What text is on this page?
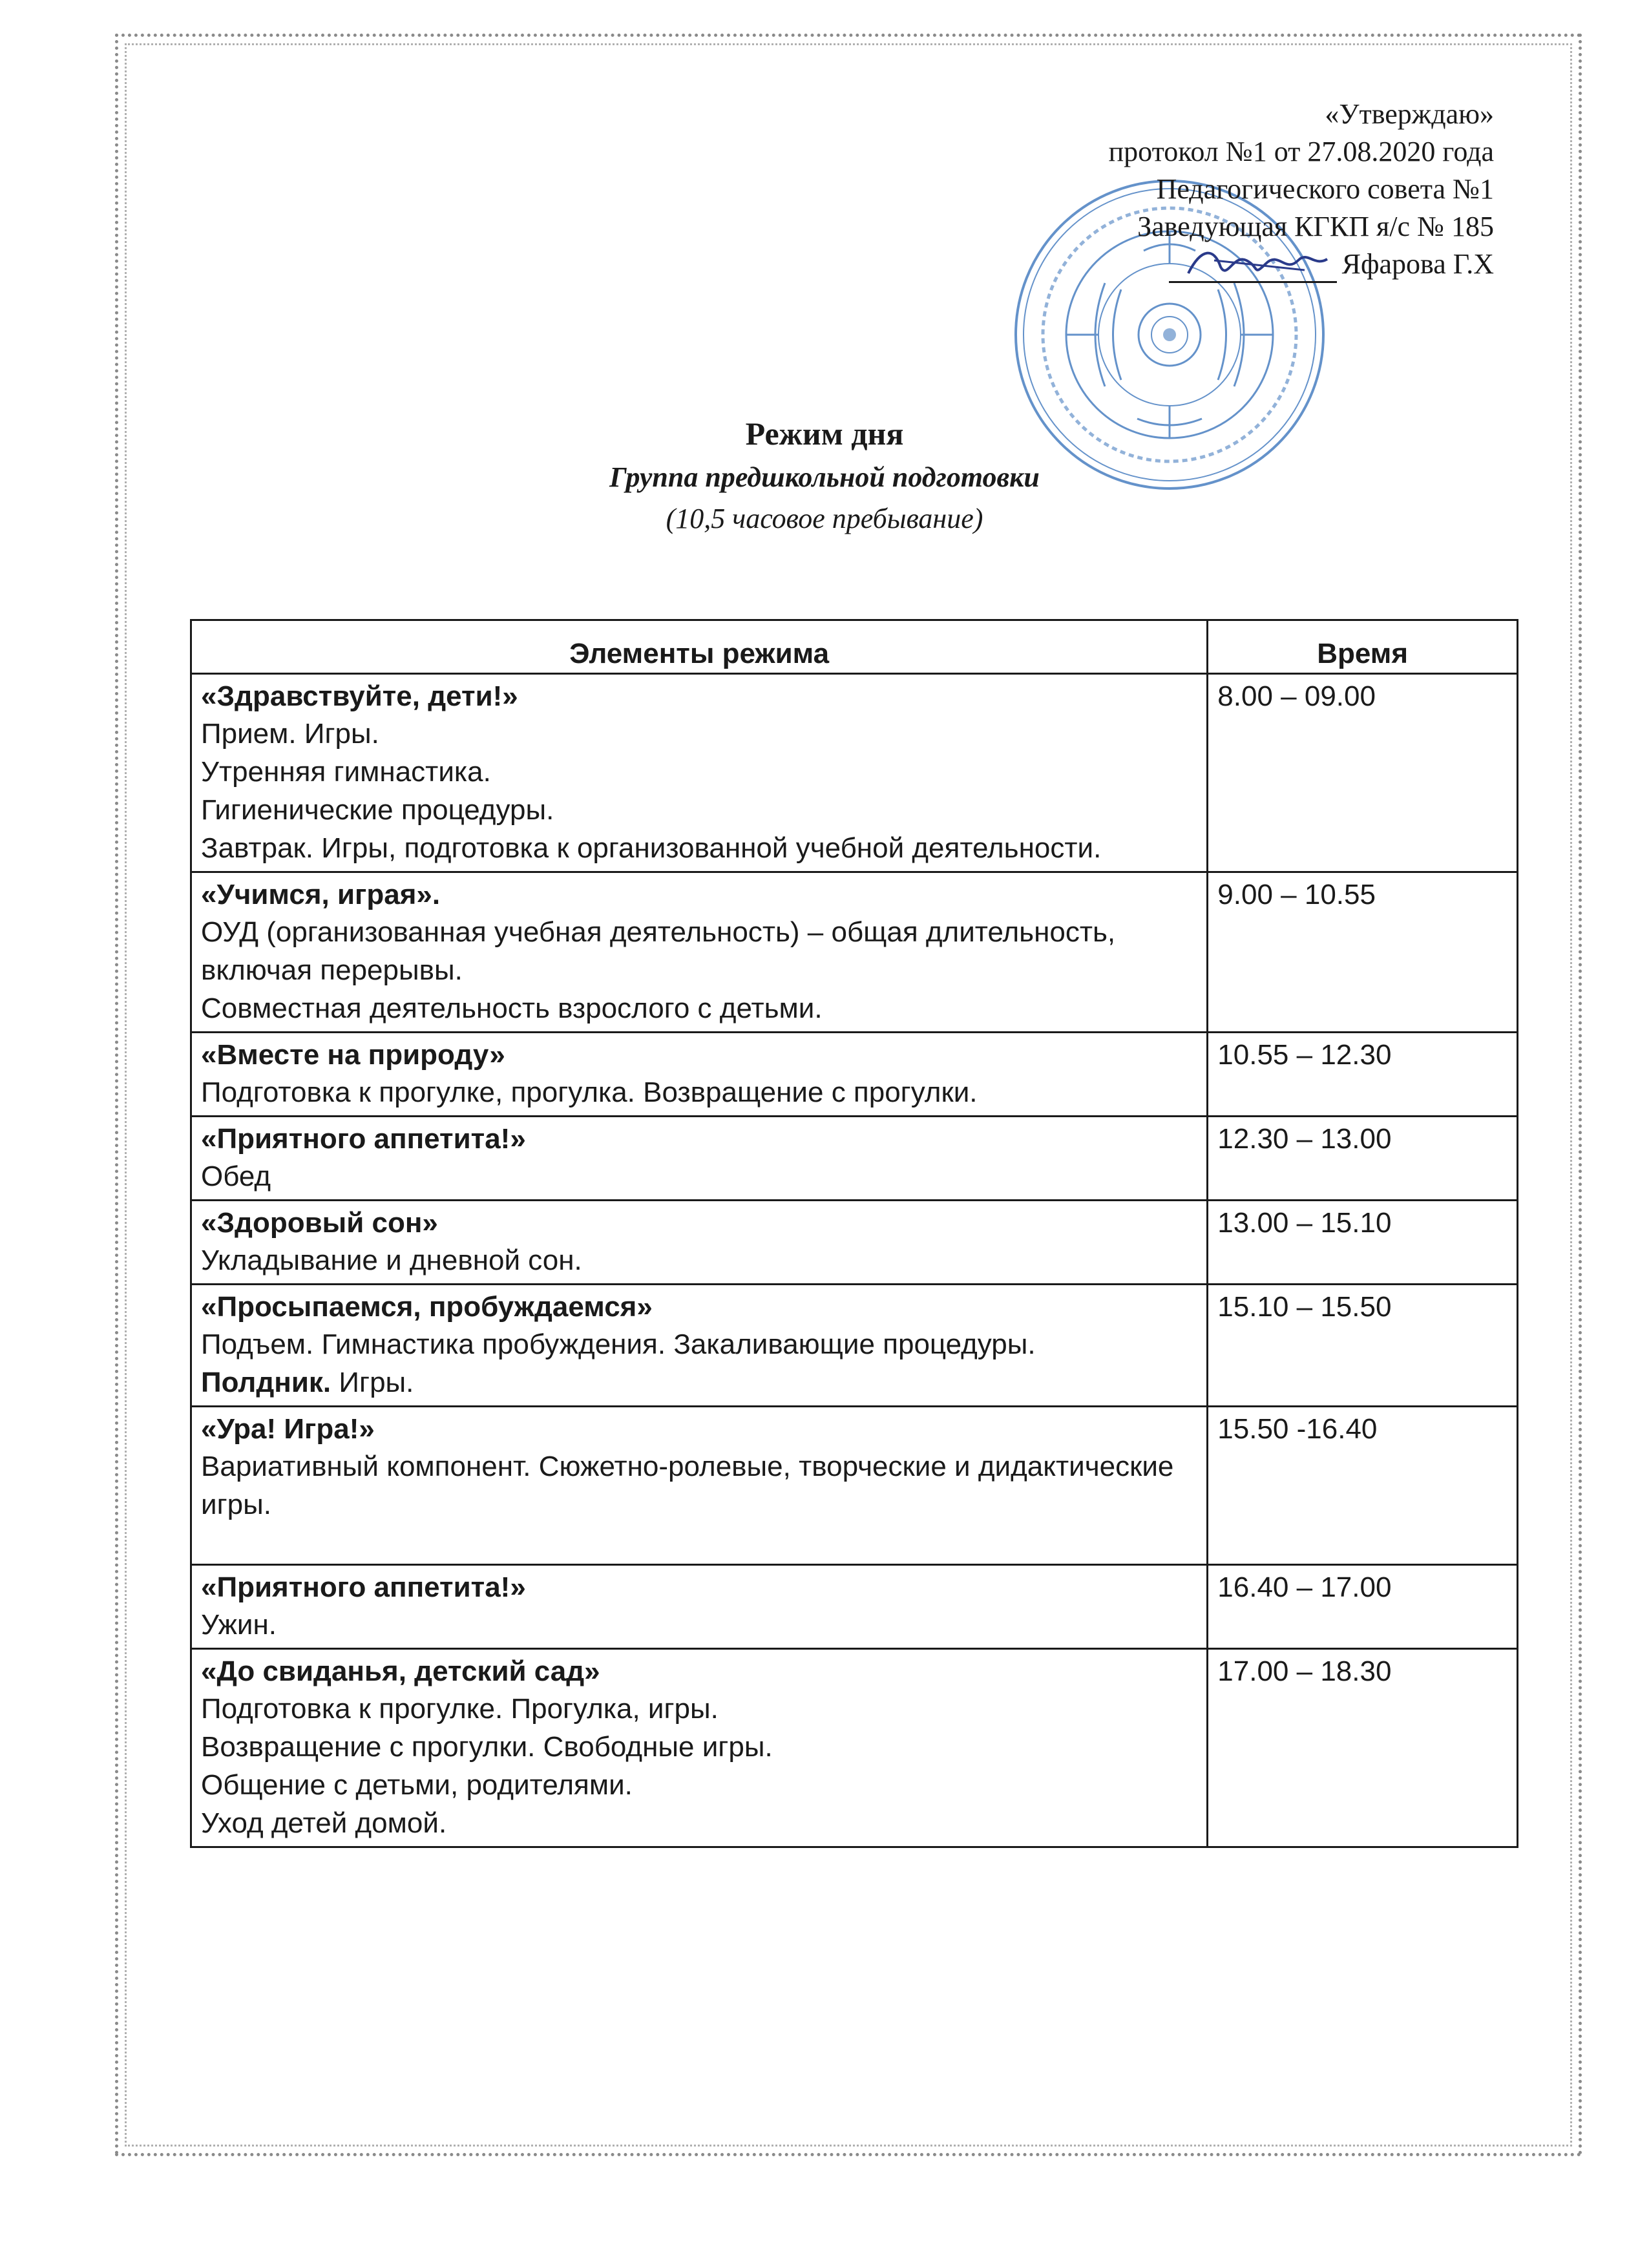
«Утверждаю»
протокол №1 от 27.08.2020 года
Педагогического совета №1
Заведующая КГКП я/с № 185
Яфарова Г.Х
Режим дня
Группа предшкольной подготовки
(10,5 часовое пребывание)
Элементы режима	Время

«Здравствуйте, дети!»
Прием. Игры.
Утренняя гимнастика.
Гигиенические процедуры.
Завтрак. Игры, подготовка к организованной учебной деятельности.	8.00 – 09.00

«Учимся, играя».
ОУД (организованная учебная деятельность) – общая длительность, включая перерывы.
Совместная деятельность взрослого с детьми.	9.00 – 10.55

«Вместе на природу»
Подготовка к прогулке, прогулка. Возвращение с прогулки.	10.55 – 12.30

«Приятного аппетита!»
Обед	12.30 – 13.00

«Здоровый сон»
Укладывание и дневной сон.	13.00 – 15.10

«Просыпаемся, пробуждаемся»
Подъем. Гимнастика пробуждения. Закаливающие процедуры.
Полдник. Игры.	15.10 – 15.50

«Ура! Игра!»
Вариативный компонент. Сюжетно-ролевые, творческие и дидактические игры.	15.50 -16.40

«Приятного аппетита!»
Ужин.	16.40 – 17.00

«До свиданья, детский сад»
Подготовка к прогулке. Прогулка, игры.
Возвращение с прогулки. Свободные игры.
Общение с детьми, родителями.
Уход детей домой.	17.00 – 18.30
